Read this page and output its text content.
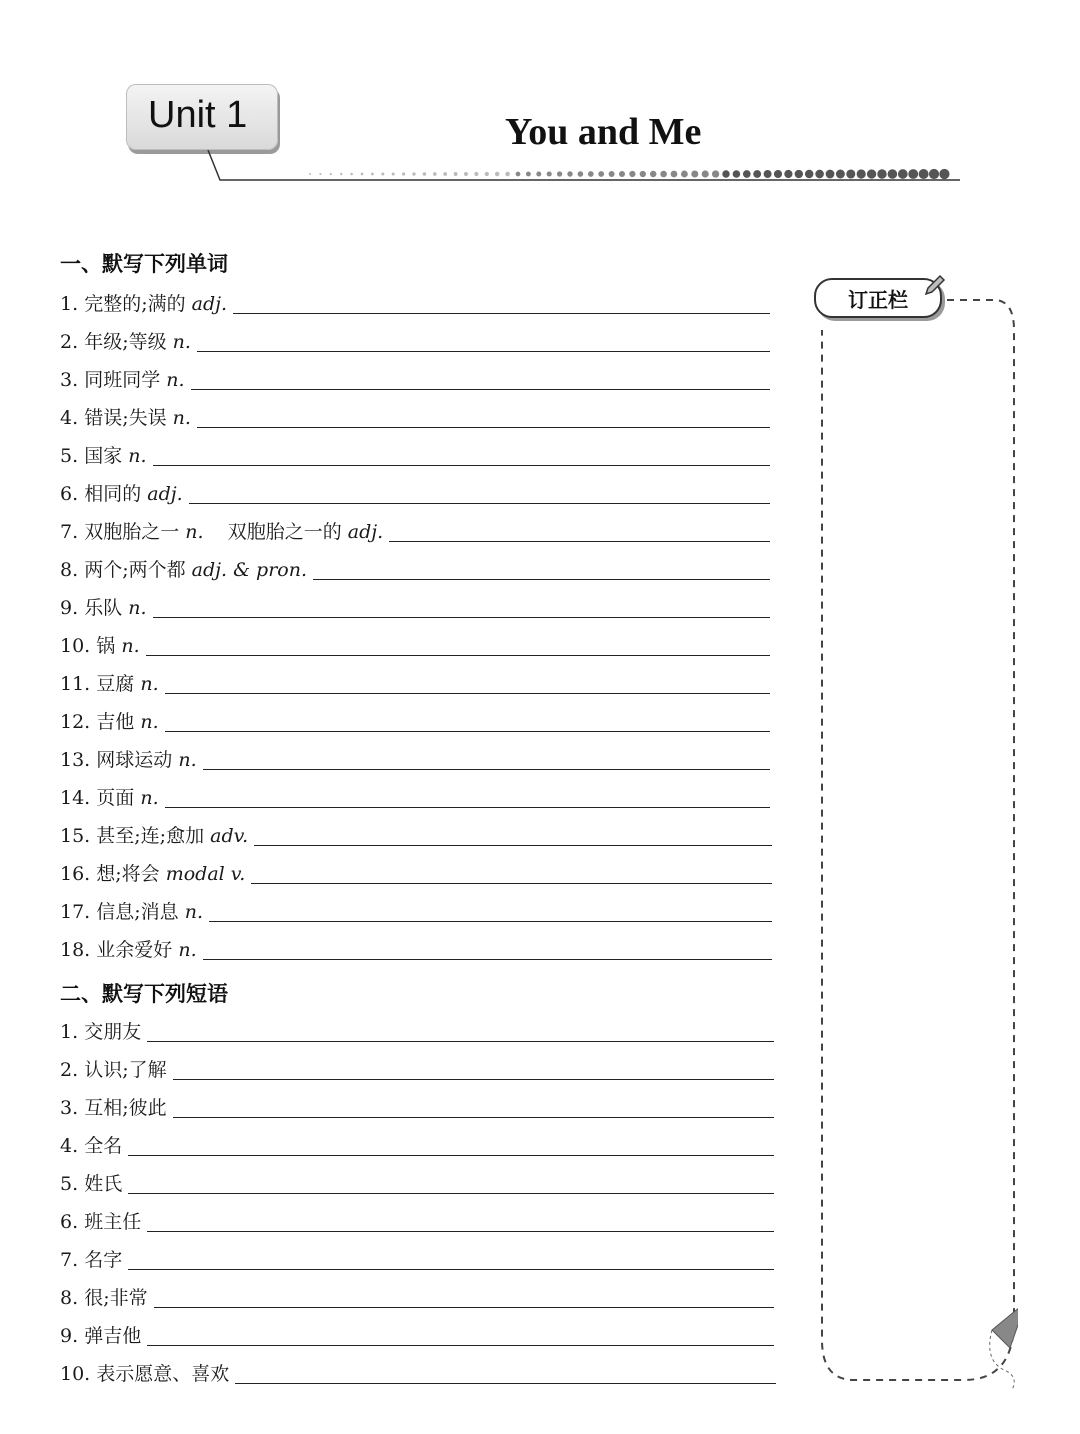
Unit 1	You and Me
一、默写下列单词
1. 完整的;满的 adj.
2. 年级;等级 n.
3. 同班同学 n.
4. 错误;失误 n.
5. 国家 n.
6. 相同的 adj.
7. 双胞胎之一 n. 双胞胎之一的 adj.
8. 两个;两个都 adj. & pron.
9. 乐队 n.
10. 锅 n.
11. 豆腐 n.
12. 吉他 n.
13. 网球运动 n.
14. 页面 n.
15. 甚至;连;愈加 adv.
16. 想;将会 modal v.
17. 信息;消息 n.
18. 业余爱好 n.
二、默写下列短语
1. 交朋友
2. 认识;了解
3. 互相;彼此
4. 全名
5. 姓氏
6. 班主任
7. 名字
8. 很;非常
9. 弹吉他
10. 表示愿意、喜欢
订正栏
